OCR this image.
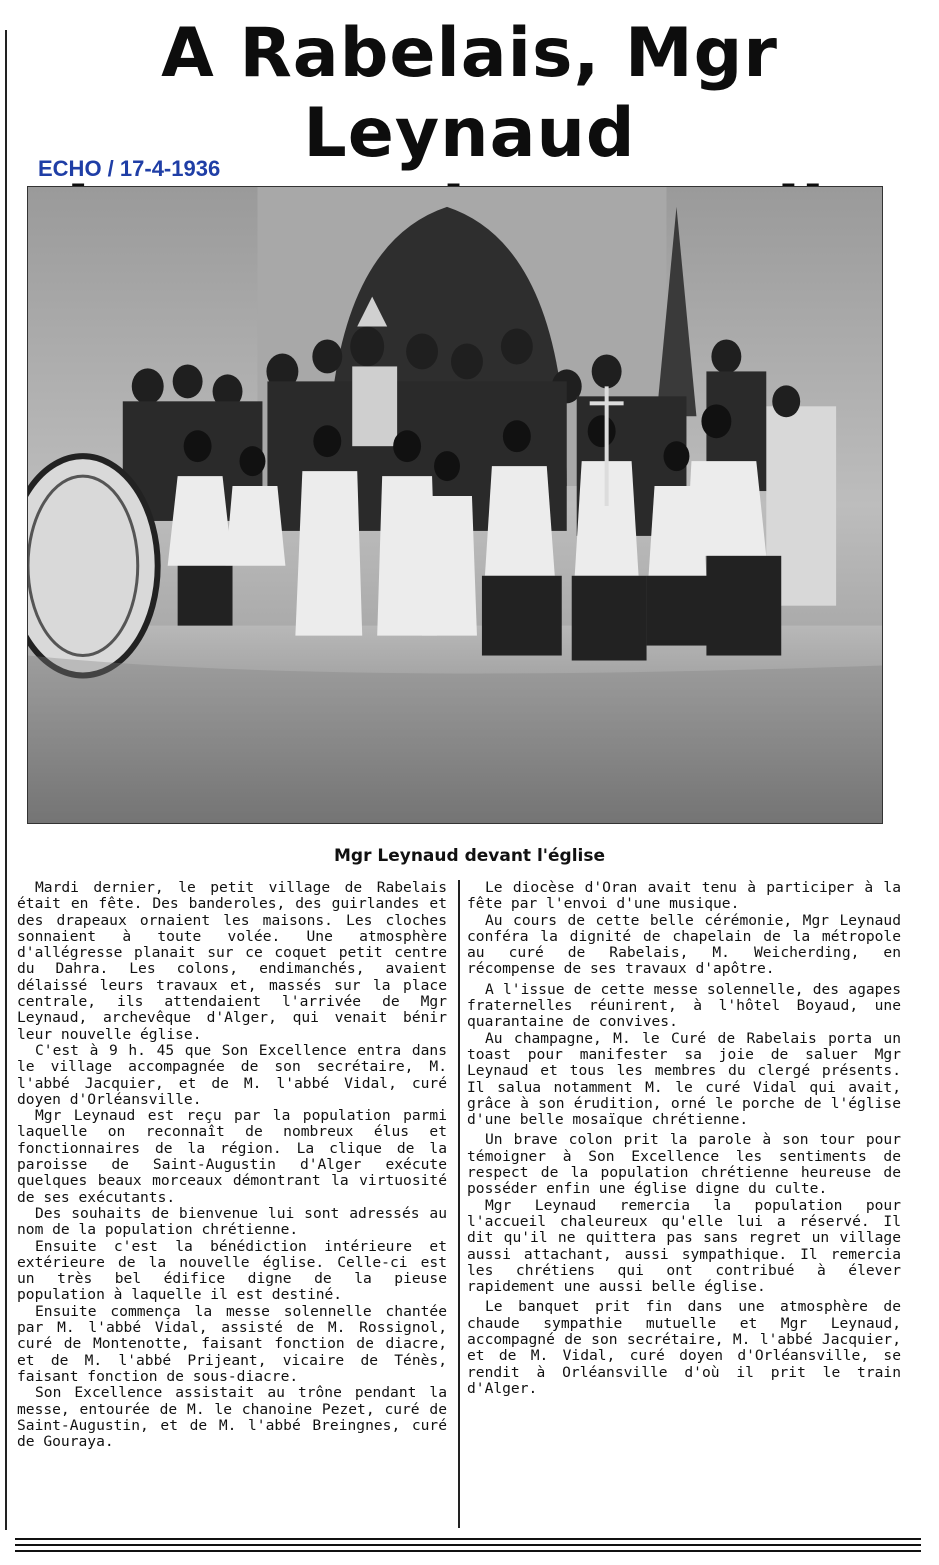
A Rabelais, Mgr Leynaud
ECHO / 17-4-1936
Mgr Leynaud devant l'église

Mardi dernier, le petit village de Rabelais était en fête. Des banderoles, des guirlandes et des drapeaux ornaient les maisons. Les cloches sonnaient à toute volée. Une atmosphère d'allégresse planait sur ce coquet petit centre du Dahra. Les colons, endimanchés, avaient délaissé leurs travaux et, massés sur la place centrale, ils attendaient l'arrivée de Mgr Leynaud, archevêque d'Alger, qui venait bénir leur nouvelle église.

C'est à 9 h. 45 que Son Excellence entra dans le village accompagnée de son secrétaire, M. l'abbé Jacquier, et de M. l'abbé Vidal, curé doyen d'Orléansville.

Mgr Leynaud est reçu par la population parmi laquelle on reconnaît de nombreux élus et fonctionnaires de la région. La clique de la paroisse de Saint-Augustin d'Alger exécute quelques beaux morceaux démontrant la virtuosité de ses exécutants.

Des souhaits de bienvenue lui sont adressés au nom de la population chrétienne.

Ensuite c'est la bénédiction intérieure et extérieure de la nouvelle église. Celle-ci est un très bel édifice digne de la pieuse population à laquelle il est destiné.

Ensuite commença la messe solennelle chantée par M. l'abbé Vidal, assisté de M. Rossignol, curé de Montenotte, faisant fonction de diacre, et de M. l'abbé Prijeant, vicaire de Ténès, faisant fonction de sous-diacre.

Son Excellence assistait au trône pendant la messe, entourée de M. le chanoine Pezet, curé de Saint-Augustin, et de M. l'abbé Breingnes, curé de Gouraya.

Le diocèse d'Oran avait tenu à participer à la fête par l'envoi d'une musique.

Au cours de cette belle cérémonie, Mgr Leynaud conféra la dignité de chapelain de la métropole au curé de Rabelais, M. Weicherding, en récompense de ses travaux d'apôtre.

A l'issue de cette messe solennelle, des agapes fraternelles réunirent, à l'hôtel Boyaud, une quarantaine de convives.

Au champagne, M. le Curé de Rabelais porta un toast pour manifester sa joie de saluer Mgr Leynaud et tous les membres du clergé présents. Il salua notamment M. le curé Vidal qui avait, grâce à son érudition, orné le porche de l'église d'une belle mosaïque chrétienne.

Un brave colon prit la parole à son tour pour témoigner à Son Excellence les sentiments de respect de la population chrétienne heureuse de posséder enfin une église digne du culte.

Mgr Leynaud remercia la population pour l'accueil chaleureux qu'elle lui a réservé. Il dit qu'il ne quittera pas sans regret un village aussi attachant, aussi sympathique. Il remercia les chrétiens qui ont contribué à élever rapidement une aussi belle église.

Le banquet prit fin dans une atmosphère de chaude sympathie mutuelle et Mgr Leynaud, accompagné de son secrétaire, M. l'abbé Jacquier, et de M. Vidal, curé doyen d'Orléansville, se rendit à Orléansville d'où il prit le train d'Alger.
